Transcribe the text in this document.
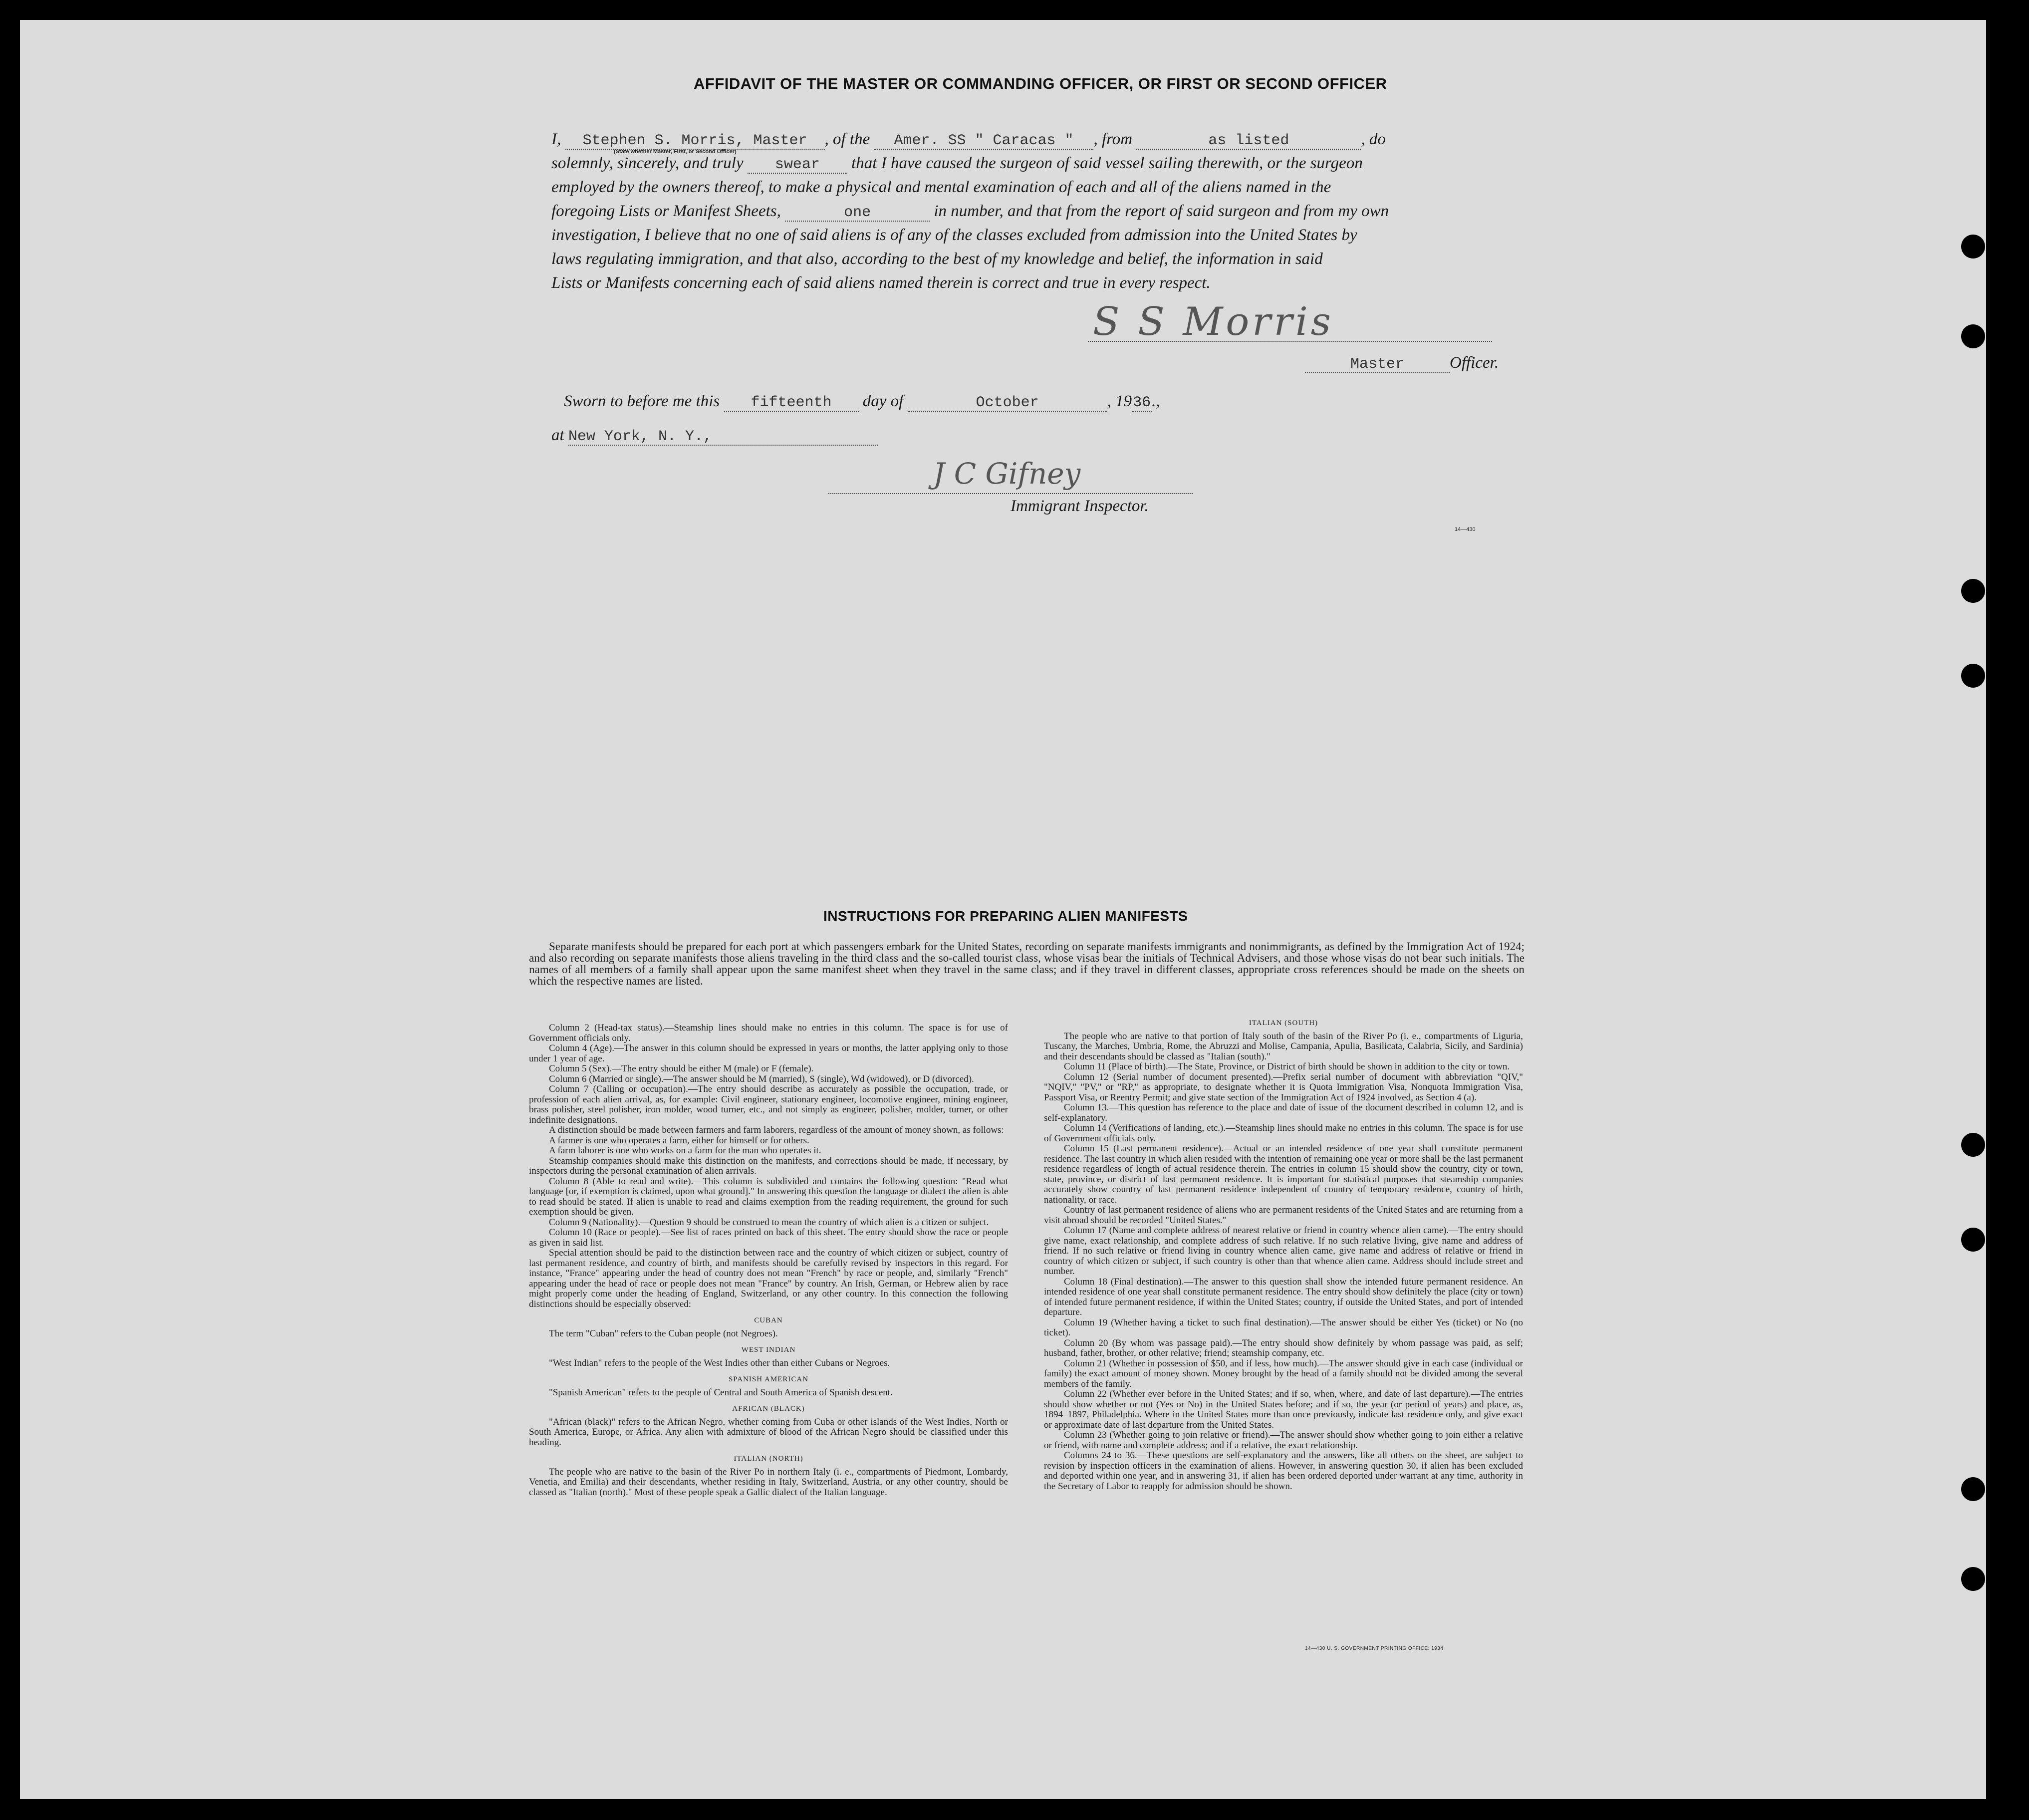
AFFIDAVIT OF THE MASTER OR COMMANDING OFFICER, OR FIRST OR SECOND OFFICER
I, Stephen S. Morris, Master , of the Amer. SS " Caracas " , from	as listed	, do
(State whether Master, First, or Second Officer)
solemnly, sincerely, and truly swear that I have caused the surgeon of said vessel sailing therewith, or the surgeon
employed by the owners thereof, to make a physical and mental examination of each and all of the aliens named in the
foregoing Lists or Manifest Sheets,	one	in number, and that from the report of said surgeon and from my own
investigation, I believe that no one of said aliens is of any of the classes excluded from admission into the United States by
laws regulating immigration, and that also, according to the best of my knowledge and belief, the information in said
Lists or Manifests concerning each of said aliens named therein is correct and true in every respect.
S S Morris
Master	Officer.
Sworn to before me this fifteenth day of	October	, 1936.,
at New York, N. Y.,
J C Gifney
Immigrant Inspector.
14—430
INSTRUCTIONS FOR PREPARING ALIEN MANIFESTS

Separate manifests should be prepared for each port at which passengers embark for the United States, recording on separate manifests immigrants and nonimmigrants, as defined by the Immigration Act of 1924; and also recording on separate manifests those aliens traveling in the third class and the so-called tourist class, whose visas bear the initials of Technical Advisers, and those whose visas do not bear such initials. The names of all members of a family shall appear upon the same manifest sheet when they travel in the same class; and if they travel in different classes, appropriate cross references should be made on the sheets on which the respective names are listed.

Column 2 (Head-tax status).—Steamship lines should make no entries in this column. The space is for use of Government officials only.

Column 4 (Age).—The answer in this column should be expressed in years or months, the latter applying only to those under 1 year of age.

Column 5 (Sex).—The entry should be either M (male) or F (female).

Column 6 (Married or single).—The answer should be M (married), S (single), Wd (widowed), or D (divorced).

Column 7 (Calling or occupation).—The entry should describe as accurately as possible the occupation, trade, or profession of each alien arrival, as, for example: Civil engineer, stationary engineer, locomotive engineer, mining engineer, brass polisher, steel polisher, iron molder, wood turner, etc., and not simply as engineer, polisher, molder, turner, or other indefinite designations.

A distinction should be made between farmers and farm laborers, regardless of the amount of money shown, as follows:

A farmer is one who operates a farm, either for himself or for others.

A farm laborer is one who works on a farm for the man who operates it.

Steamship companies should make this distinction on the manifests, and corrections should be made, if necessary, by inspectors during the personal examination of alien arrivals.

Column 8 (Able to read and write).—This column is subdivided and contains the following question: "Read what language [or, if exemption is claimed, upon what ground]." In answering this question the language or dialect the alien is able to read should be stated. If alien is unable to read and claims exemption from the reading requirement, the ground for such exemption should be given.

Column 9 (Nationality).—Question 9 should be construed to mean the country of which alien is a citizen or subject.

Column 10 (Race or people).—See list of races printed on back of this sheet. The entry should show the race or people as given in said list.

Special attention should be paid to the distinction between race and the country of which citizen or subject, country of last permanent residence, and country of birth, and manifests should be carefully revised by inspectors in this regard. For instance, "France" appearing under the head of country does not mean "French" by race or people, and, similarly "French" appearing under the head of race or people does not mean "France" by country. An Irish, German, or Hebrew alien by race might properly come under the heading of England, Switzerland, or any other country. In this connection the following distinctions should be especially observed:

CUBAN

The term "Cuban" refers to the Cuban people (not Negroes).

WEST INDIAN

"West Indian" refers to the people of the West Indies other than either Cubans or Negroes.

SPANISH AMERICAN

"Spanish American" refers to the people of Central and South America of Spanish descent.

AFRICAN (BLACK)

"African (black)" refers to the African Negro, whether coming from Cuba or other islands of the West Indies, North or South America, Europe, or Africa. Any alien with admixture of blood of the African Negro should be classified under this heading.

ITALIAN (NORTH)

The people who are native to the basin of the River Po in northern Italy (i. e., compartments of Piedmont, Lombardy, Venetia, and Emilia) and their descendants, whether residing in Italy, Switzerland, Austria, or any other country, should be classed as "Italian (north)." Most of these people speak a Gallic dialect of the Italian language.

ITALIAN (SOUTH)

The people who are native to that portion of Italy south of the basin of the River Po (i. e., compartments of Liguria, Tuscany, the Marches, Umbria, Rome, the Abruzzi and Molise, Campania, Apulia, Basilicata, Calabria, Sicily, and Sardinia) and their descendants should be classed as "Italian (south)."

Column 11 (Place of birth).—The State, Province, or District of birth should be shown in addition to the city or town.

Column 12 (Serial number of document presented).—Prefix serial number of document with abbreviation "QIV," "NQIV," "PV," or "RP," as appropriate, to designate whether it is Quota Immigration Visa, Nonquota Immigration Visa, Passport Visa, or Reentry Permit; and give state section of the Immigration Act of 1924 involved, as Section 4 (a).

Column 13.—This question has reference to the place and date of issue of the document described in column 12, and is self-explanatory.

Column 14 (Verifications of landing, etc.).—Steamship lines should make no entries in this column. The space is for use of Government officials only.

Column 15 (Last permanent residence).—Actual or an intended residence of one year shall constitute permanent residence. The last country in which alien resided with the intention of remaining one year or more shall be the last permanent residence regardless of length of actual residence therein. The entries in column 15 should show the country, city or town, state, province, or district of last permanent residence. It is important for statistical purposes that steamship companies accurately show country of last permanent residence independent of country of temporary residence, country of birth, nationality, or race.

Country of last permanent residence of aliens who are permanent residents of the United States and are returning from a visit abroad should be recorded "United States."

Column 17 (Name and complete address of nearest relative or friend in country whence alien came).—The entry should give name, exact relationship, and complete address of such relative. If no such relative living, give name and address of friend. If no such relative or friend living in country whence alien came, give name and address of relative or friend in country of which citizen or subject, if such country is other than that whence alien came. Address should include street and number.

Column 18 (Final destination).—The answer to this question shall show the intended future permanent residence. An intended residence of one year shall constitute permanent residence. The entry should show definitely the place (city or town) of intended future permanent residence, if within the United States; country, if outside the United States, and port of intended departure.

Column 19 (Whether having a ticket to such final destination).—The answer should be either Yes (ticket) or No (no ticket).

Column 20 (By whom was passage paid).—The entry should show definitely by whom passage was paid, as self; husband, father, brother, or other relative; friend; steamship company, etc.

Column 21 (Whether in possession of $50, and if less, how much).—The answer should give in each case (individual or family) the exact amount of money shown. Money brought by the head of a family should not be divided among the several members of the family.

Column 22 (Whether ever before in the United States; and if so, when, where, and date of last departure).—The entries should show whether or not (Yes or No) in the United States before; and if so, the year (or period of years) and place, as, 1894–1897, Philadelphia. Where in the United States more than once previously, indicate last residence only, and give exact or approximate date of last departure from the United States.

Column 23 (Whether going to join relative or friend).—The answer should show whether going to join either a relative or friend, with name and complete address; and if a relative, the exact relationship.

Columns 24 to 36.—These questions are self-explanatory and the answers, like all others on the sheet, are subject to revision by inspection officers in the examination of aliens. However, in answering question 30, if alien has been excluded and deported within one year, and in answering 31, if alien has been ordered deported under warrant at any time, authority in the Secretary of Labor to reapply for admission should be shown.

14—430 U. S. GOVERNMENT PRINTING OFFICE: 1934
